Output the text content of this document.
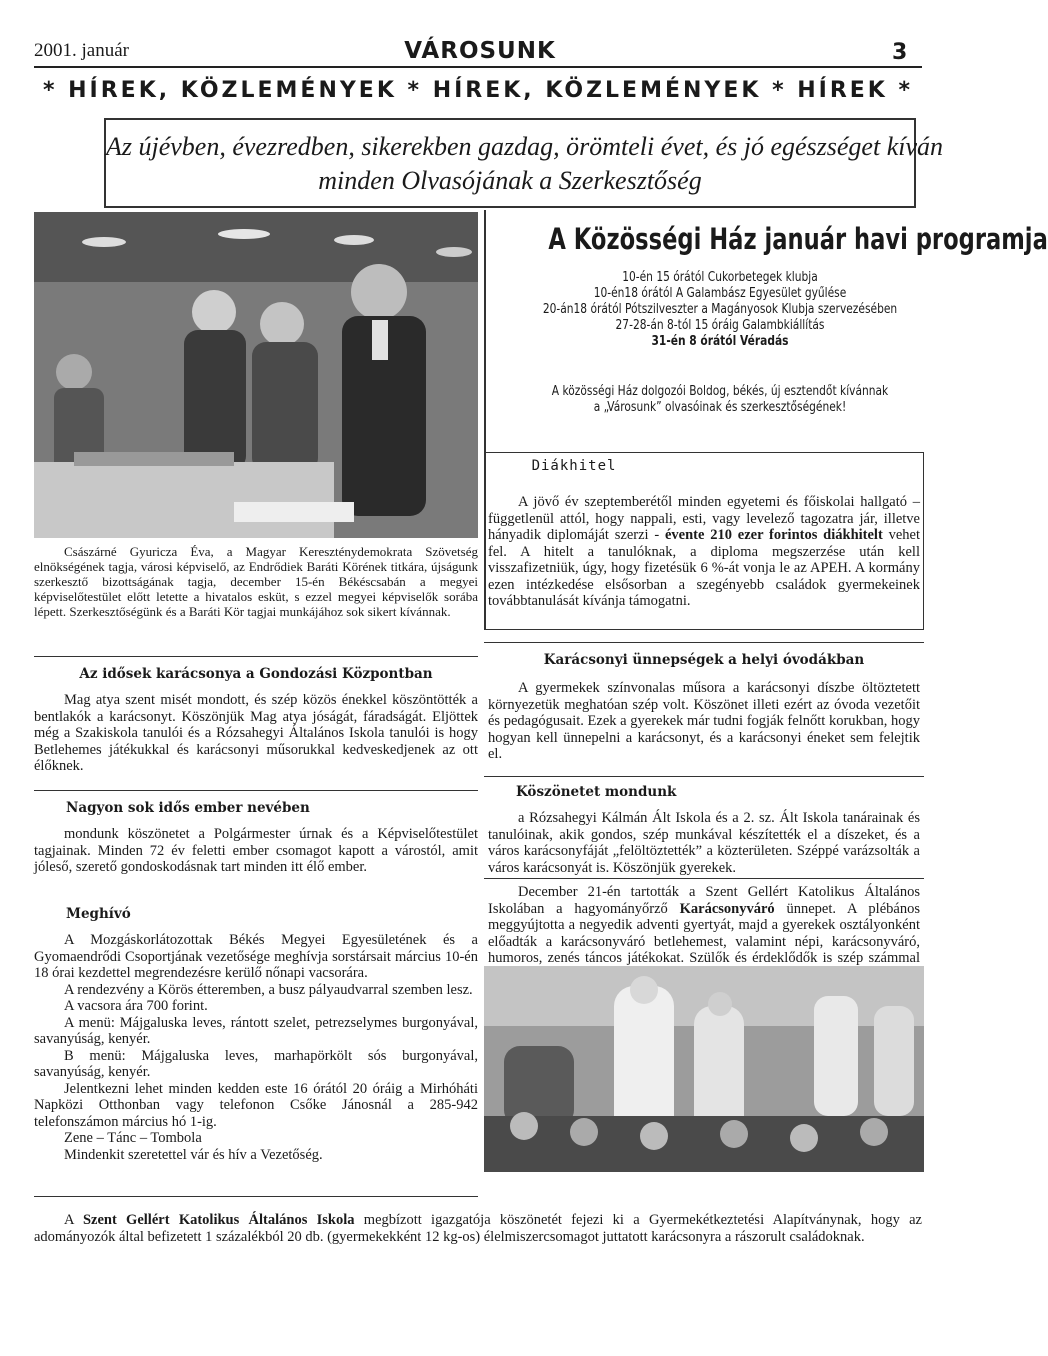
2001. január	VÁROSUNK	3
* HÍREK, KÖZLEMÉNYEK * HÍREK, KÖZLEMÉNYEK * HÍREK *

Az újévben, évezredben, sikerekben gazdag, örömteli évet, és jó egészséget kíván

minden Olvasójának a Szerkesztőség

A Közösségi Ház január havi programja
10-én 15 órától Cukorbetegek klubja
10-én18 órától A Galambász Egyesület gyűlése
20-án18 órától Pótszilveszter a Magányosok Klubja szervezésében
27-28-án 8-tól 15 óráig Galambkiállítás
31-én 8 órától Véradás
A közösségi Ház dolgozói Boldog, békés, új esztendőt kívánnak
a „Városunk” olvasóinak és szerkesztőségének!
Diákhitel

A jövő év szeptemberétől minden egyetemi és főiskolai hallgató – függetlenül attól, hogy nappali, esti, vagy levelező tagozatra jár, illetve hányadik diplomáját szerzi - évente 210 ezer forintos diákhitelt vehet fel. A hitelt a tanulóknak, a diploma megszerzése után kell visszafizetniük, úgy, hogy fizetésük 6 %-át vonja le az APEH. A kormány ezen intézkedése elsősorban a szegényebb családok gyermekeinek továbbtanulását kívánja támogatni.

Császárné Gyuricza Éva, a Magyar Kereszténydemokrata Szövetség elnökségének tagja, városi képviselő, az Endrődiek Baráti Körének titkára, újságunk szerkesztő bizottságának tagja, december 15-én Békéscsabán a megyei képviselőtestület előtt letette a hivatalos esküt, s ezzel megyei képviselők sorába lépett. Szerkesztőségünk és a Baráti Kör tagjai munkájához sok sikert kívánnak.

Az idősek karácsonya a Gondozási Központban

Mag atya szent misét mondott, és szép közös énekkel köszöntötték a bentlakók a karácsonyt. Köszönjük Mag atya jóságát, fáradságát. Eljöttek még a Szakiskola tanulói és a Rózsahegyi Általános Iskola tanulói is hogy Betlehemes játékukkal és karácsonyi műsorukkal kedveskedjenek az ott élőknek.

Nagyon sok idős ember nevében

mondunk köszönetet a Polgármester úrnak és a Képviselőtestület tagjainak. Minden 72 év feletti ember csomagot kapott a várostól, amit jóleső, szerető gondoskodásnak tart minden itt élő ember.

Meghívó

A Mozgáskorlátozottak Békés Megyei Egyesületének és a Gyomaendrődi Csoportjának vezetősége meghívja sorstársait március 10-én 18 órai kezdettel megrendezésre kerülő nőnapi vacsorára.

A rendezvény a Körös étteremben, a busz pályaudvarral szemben lesz.

A vacsora ára 700 forint.

A menü: Májgaluska leves, rántott szelet, petrezselymes burgonyával, savanyúság, kenyér.

B menü: Májgaluska leves, marhapörkölt sós burgonyával, savanyúság, kenyér.

Jelentkezni lehet minden kedden este 16 órától 20 óráig a Mirhóháti Napközi Otthonban vagy telefonon Csőke Jánosnál a 285-942 telefonszámon március hó 1-ig.

Zene – Tánc – Tombola

Mindenkit szeretettel vár és hív a Vezetőség.

Karácsonyi ünnepségek a helyi óvodákban

A gyermekek színvonalas műsora a karácsonyi díszbe öltöztetett környezetük meghatóan szép volt. Köszönet illeti ezért az óvoda vezetőit és pedagógusait. Ezek a gyerekek már tudni fogják felnőtt korukban, hogy hogyan kell ünnepelni a karácsonyt, és a karácsonyi éneket sem felejtik el.

Köszönetet mondunk

a Rózsahegyi Kálmán Ált Iskola és a 2. sz. Ált Iskola tanárainak és tanulóinak, akik gondos, szép munkával készítették el a díszeket, és a város karácsonyfáját „felöltöztették” a közterületen. Széppé varázsolták a város karácsonyát is. Köszönjük gyerekek.

December 21-én tartották a Szent Gellért Katolikus Általános Iskolában a hagyományőrző Karácsonyváró ünnepet. A plébános meggyújtotta a negyedik adventi gyertyát, majd a gyerekek osztályonként előadták a karácsonyváró betlehemest, valamint népi, karácsonyváró, humoros, zenés táncos játékokat. Szülők és érdeklődők is szép számmal

A Szent Gellért Katolikus Általános Iskola megbízott igazgatója köszönetét fejezi ki a Gyermekétkeztetési Alapítványnak, hogy az adományozók által befizetett 1 százalékból 20 db. (gyermekekként 12 kg-os) élelmiszercsomagot juttatott karácsonyra a rászorult családoknak.
